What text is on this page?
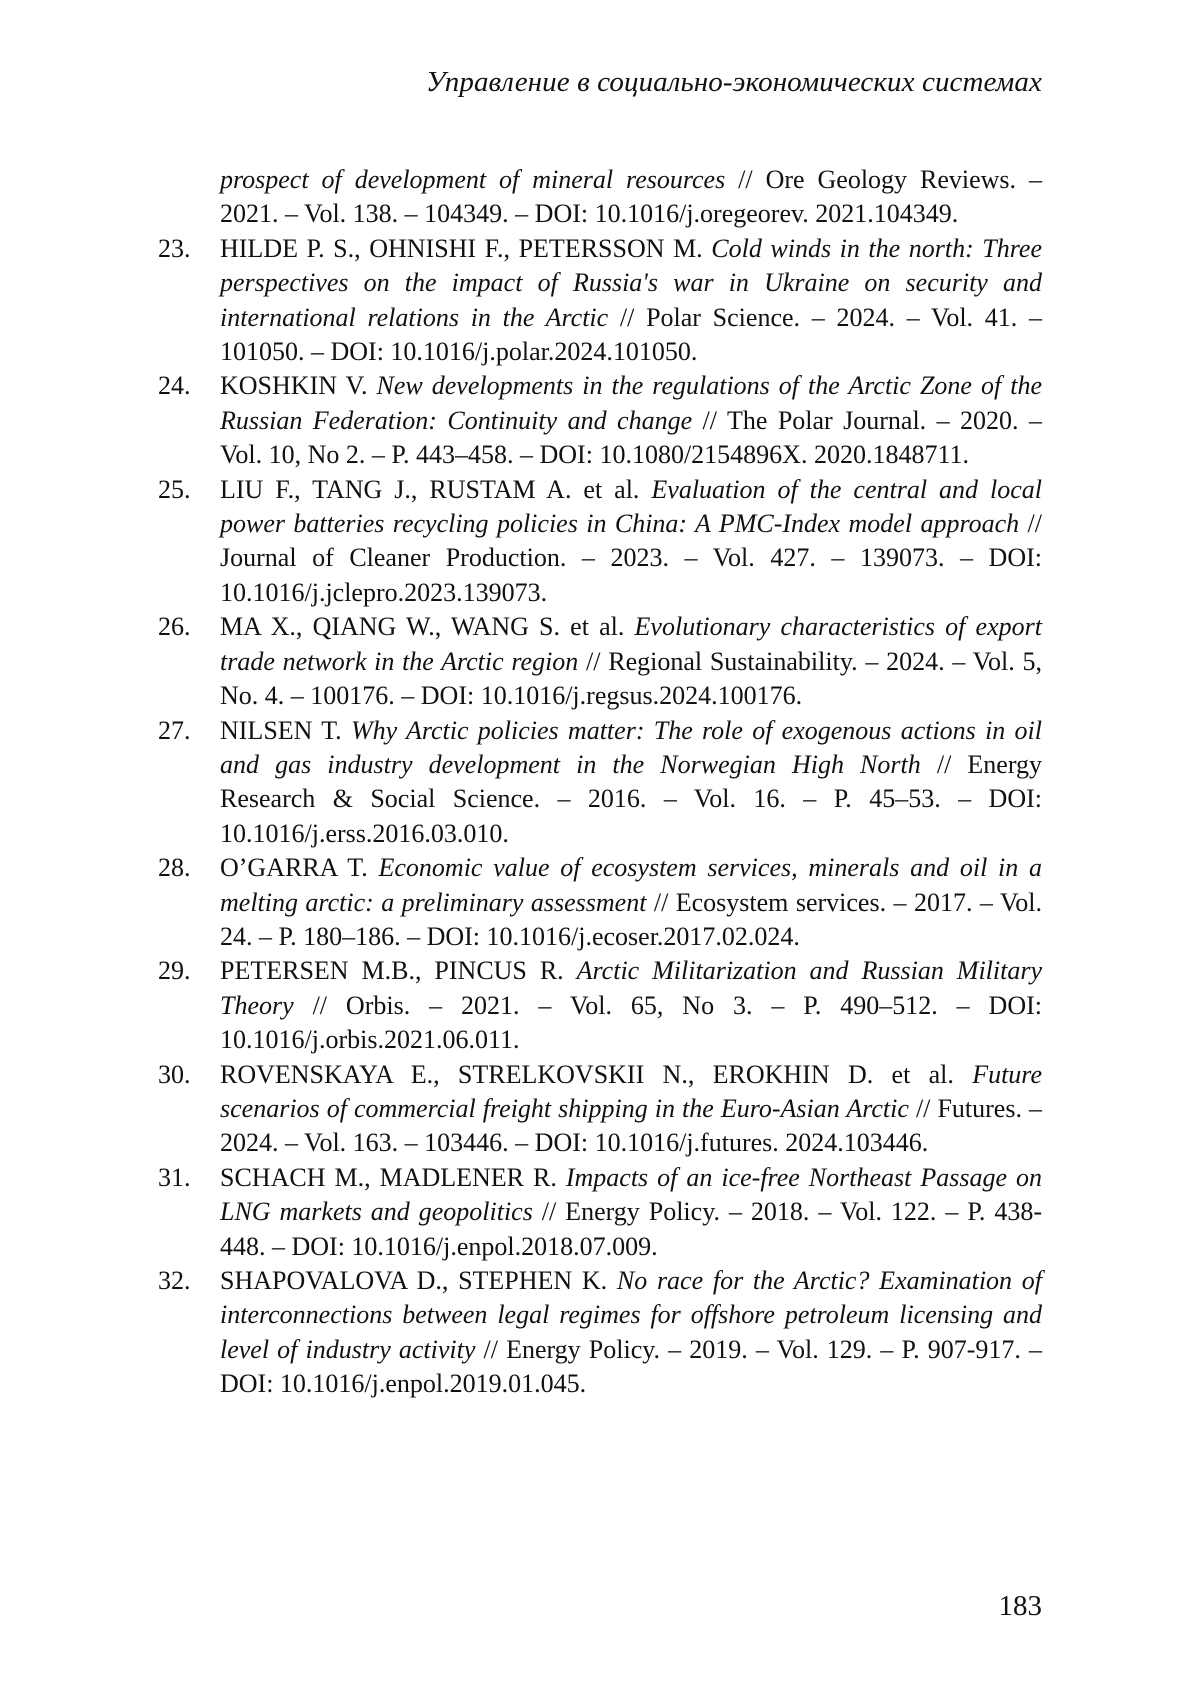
Управление в социально-экономических системах
prospect of development of mineral resources // Ore Geology Reviews. – 2021. – Vol. 138. – 104349. – DOI: 10.1016/j.oregeorev. 2021.104349.
23. HILDE P. S., OHNISHI F., PETERSSON M. Cold winds in the north: Three perspectives on the impact of Russia's war in Ukraine on security and international relations in the Arctic // Polar Science. – 2024. – Vol. 41. – 101050. – DOI: 10.1016/j.polar.2024.101050.
24. KOSHKIN V. New developments in the regulations of the Arctic Zone of the Russian Federation: Continuity and change // The Polar Journal. – 2020. – Vol. 10, No 2. – P. 443–458. – DOI: 10.1080/2154896X. 2020.1848711.
25. LIU F., TANG J., RUSTAM A. et al. Evaluation of the central and local power batteries recycling policies in China: A PMC-Index model approach // Journal of Cleaner Production. – 2023. – Vol. 427. – 139073. – DOI: 10.1016/j.jclepro.2023.139073.
26. MA X., QIANG W., WANG S. et al. Evolutionary characteristics of export trade network in the Arctic region // Regional Sustainability. – 2024. – Vol. 5, No. 4. – 100176. – DOI: 10.1016/j.regsus.2024.100176.
27. NILSEN T. Why Arctic policies matter: The role of exogenous actions in oil and gas industry development in the Norwegian High North // Energy Research & Social Science. – 2016. – Vol. 16. – P. 45–53. – DOI: 10.1016/j.erss.2016.03.010.
28. O’GARRA T. Economic value of ecosystem services, minerals and oil in a melting arctic: a preliminary assessment // Ecosystem services. – 2017. – Vol. 24. – P. 180–186. – DOI: 10.1016/j.ecoser.2017.02.024.
29. PETERSEN M.B., PINCUS R. Arctic Militarization and Russian Military Theory // Orbis. – 2021. – Vol. 65, No 3. – P. 490–512. – DOI: 10.1016/j.orbis.2021.06.011.
30. ROVENSKAYA E., STRELKOVSKII N., EROKHIN D. et al. Future scenarios of commercial freight shipping in the Euro-Asian Arctic // Futures. – 2024. – Vol. 163. – 103446. – DOI: 10.1016/j.futures. 2024.103446.
31. SCHACH M., MADLENER R. Impacts of an ice-free Northeast Passage on LNG markets and geopolitics // Energy Policy. – 2018. – Vol. 122. – P. 438-448. – DOI: 10.1016/j.enpol.2018.07.009.
32. SHAPOVALOVA D., STEPHEN K. No race for the Arctic? Examination of interconnections between legal regimes for offshore petroleum licensing and level of industry activity // Energy Policy. – 2019. – Vol. 129. – P. 907-917. – DOI: 10.1016/j.enpol.2019.01.045.
183
